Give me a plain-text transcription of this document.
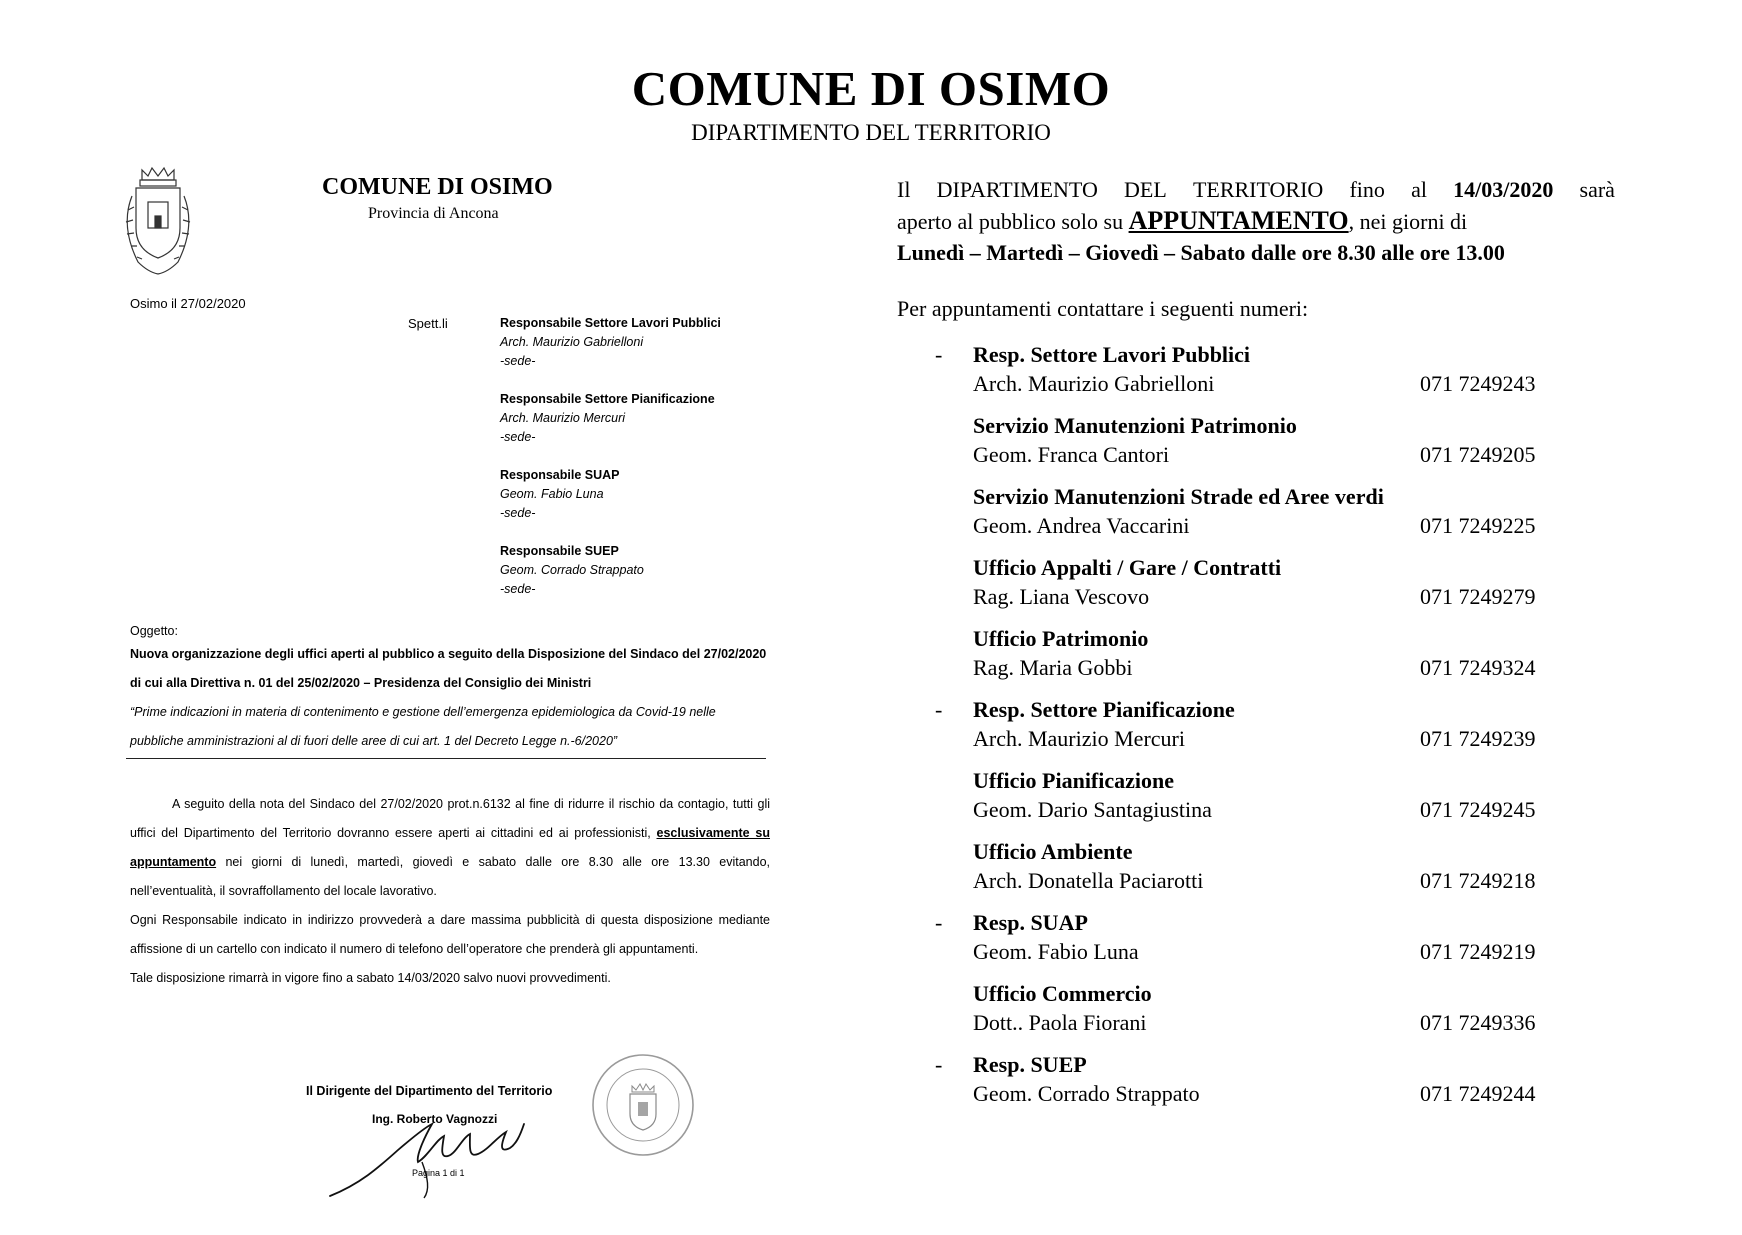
COMUNE DI OSIMO
DIPARTIMENTO DEL TERRITORIO
COMUNE DI OSIMO
Provincia di Ancona
Osimo il 27/02/2020
Spett.li	Responsabile Settore Lavori Pubblici
Arch. Maurizio Gabrielloni
-sede-
Responsabile Settore Pianificazione
Arch. Maurizio Mercuri
-sede-
Responsabile SUAP
Geom. Fabio Luna
-sede-
Responsabile SUEP
Geom. Corrado Strappato
-sede-
Oggetto:
Nuova organizzazione degli uffici aperti al pubblico a seguito della Disposizione del Sindaco del 27/02/2020 di cui alla Direttiva n. 01 del 25/02/2020 – Presidenza del Consiglio dei Ministri
“Prime indicazioni in materia di contenimento e gestione dell’emergenza epidemiologica da Covid-19 nelle pubbliche amministrazioni al di fuori delle aree di cui art. 1 del Decreto Legge n.-6/2020”

A seguito della nota del Sindaco del 27/02/2020 prot.n.6132 al fine di ridurre il rischio da contagio, tutti gli uffici del Dipartimento del Territorio dovranno essere aperti ai cittadini ed ai professionisti, esclusivamente su appuntamento nei giorni di lunedì, martedì, giovedì e sabato dalle ore 8.30 alle ore 13.30 evitando, nell’eventualità, il sovraffollamento del locale lavorativo.

Ogni Responsabile indicato in indirizzo provvederà a dare massima pubblicità di questa disposizione mediante affissione di un cartello con indicato il numero di telefono dell’operatore che prenderà gli appuntamenti.

Tale disposizione rimarrà in vigore fino a sabato 14/03/2020 salvo nuovi provvedimenti.

Il Dirigente del Dipartimento del Territorio
Ing. Roberto Vagnozzi
Pagina 1 di 1
Il DIPARTIMENTO DEL TERRITORIO fino al 14/03/2020 sarà
aperto al pubblico solo su APPUNTAMENTO, nei giorni di
Lunedì – Martedì – Giovedì – Sabato dalle ore 8.30 alle ore 13.00
Per appuntamenti contattare i seguenti numeri:
-	Resp. Settore Lavori Pubblici
Arch. Maurizio Gabrielloni	071 7249243
Servizio Manutenzioni Patrimonio
Geom. Franca Cantori	071 7249205
Servizio Manutenzioni Strade ed Aree verdi
Geom. Andrea Vaccarini	071 7249225
Ufficio Appalti / Gare / Contratti
Rag. Liana Vescovo	071 7249279
Ufficio Patrimonio
Rag. Maria Gobbi	071 7249324
-	Resp. Settore Pianificazione
Arch. Maurizio Mercuri	071 7249239
Ufficio Pianificazione
Geom. Dario Santagiustina	071 7249245
Ufficio Ambiente
Arch. Donatella Paciarotti	071 7249218
-	Resp. SUAP
Geom. Fabio Luna	071 7249219
Ufficio Commercio
Dott.. Paola Fiorani	071 7249336
-	Resp. SUEP
Geom. Corrado Strappato	071 7249244
